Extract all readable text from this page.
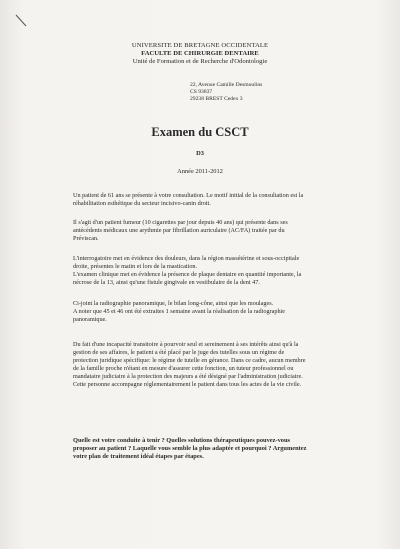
UNIVERSITE DE BRETAGNE OCCIDENTALE
FACULTE DE CHIRURGIE DENTAIRE
Unité de Formation et de Recherche d'Odontologie
22, Avenue Camille Desmoulins
CS 93837
29238 BREST Cedex 3
Examen du CSCT
D3
Année 2011-2012
Un patient de 61 ans se présente à votre consultation. Le motif initial de la consultation est la
réhabilitation esthétique du secteur incisivo-canin droit.
Il s'agit d'un patient fumeur (10 cigarettes par jour depuis 40 ans) qui présente dans ses
antécédents médicaux une arythmie par fibrillation auriculaire (AC/FA) traitée par du
Préviscan.
L'interrogatoire met en évidence des douleurs, dans la région massétérine et sous-occipitale
droite, présentes le matin et lors de la mastication.
L'examen clinique met en évidence la présence de plaque dentaire en quantité importante, la
nécrose de la 13, ainsi qu'une fistule gingivale en vestibulaire de la dent 47.
Ci-joint la radiographie panoramique, le bilan long-cône, ainsi que les moulages.
A noter que 45 et 46 ont été extraites 1 semaine avant la réalisation de la radiographie
panoramique.
Du fait d'une incapacité transitoire à pourvoir seul et sereinement à ses intérêts ainsi qu'à la
gestion de ses affaires, le patient a été placé par le juge des tutelles sous un régime de
protection juridique spécifique: le régime de tutelle en gérance. Dans ce cadre, aucun membre
de la famille proche n'étant en mesure d'assurer cette fonction, un tuteur professionnel ou
mandataire judiciaire à la protection des majeurs a été désigné par l'administration judiciaire.
Cette personne accompagne réglementairement le patient dans tous les actes de la vie civile.
Quelle est votre conduite à tenir ? Quelles solutions thérapeutiques pouvez-vous
proposer au patient ? Laquelle vous semble la plus adaptée et pourquoi ? Argumentez
votre plan de traitement idéal étapes par étapes.
